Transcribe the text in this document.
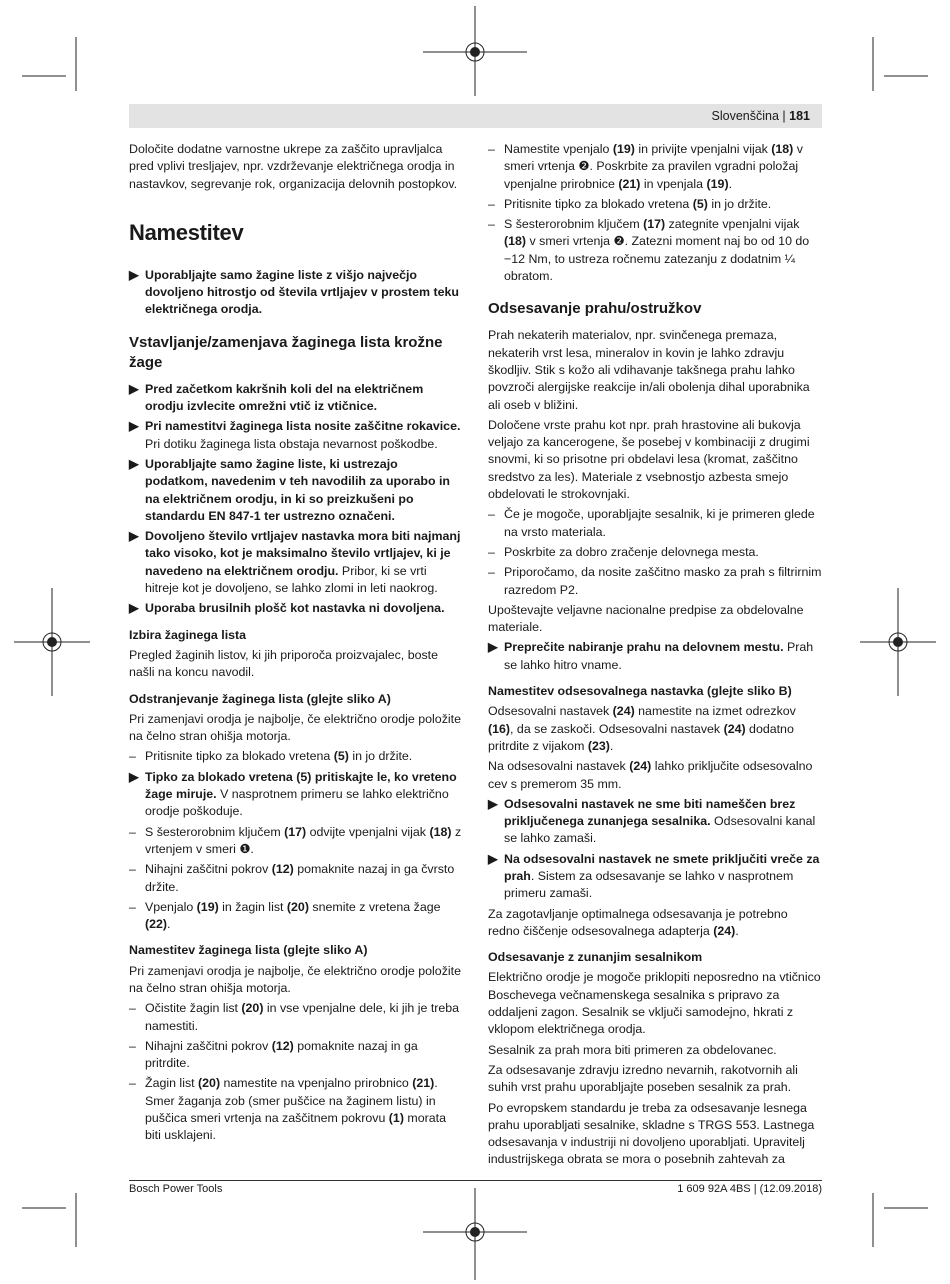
Slovenščina | 181

Določite dodatne varnostne ukrepe za zaščito upravljalca pred vplivi tresljajev, npr. vzdrževanje električnega orodja in nastavkov, segrevanje rok, organizacija delovnih postopkov.

Namestitev
▶ Uporabljajte samo žagine liste z višjo največjo dovoljeno hitrostjo od števila vrtljajev v prostem teku električnega orodja.
Vstavljanje/zamenjava žaginega lista krožne žage
▶ Pred začetkom kakršnih koli del na električnem orodju izvlecite omrežni vtič iz vtičnice.
▶ Pri namestitvi žaginega lista nosite zaščitne rokavice. Pri dotiku žaginega lista obstaja nevarnost poškodbe.
▶ Uporabljajte samo žagine liste, ki ustrezajo podatkom, navedenim v teh navodilih za uporabo in na električnem orodju, in ki so preizkušeni po standardu EN 847-1 ter ustrezno označeni.
▶ Dovoljeno število vrtljajev nastavka mora biti najmanj tako visoko, kot je maksimalno število vrtljajev, ki je navedeno na električnem orodju. Pribor, ki se vrti hitreje kot je dovoljeno, se lahko zlomi in leti naokrog.
▶ Uporaba brusilnih plošč kot nastavka ni dovoljena.
Izbira žaginega lista

Pregled žaginih listov, ki jih priporoča proizvajalec, boste našli na koncu navodil.

Odstranjevanje žaginega lista (glejte sliko A)

Pri zamenjavi orodja je najbolje, če električno orodje položite na čelno stran ohišja motorja.

– Pritisnite tipko za blokado vretena (5) in jo držite.
▶ Tipko za blokado vretena (5) pritiskajte le, ko vreteno žage miruje. V nasprotnem primeru se lahko električno orodje poškoduje.
– S šesterorobnim ključem (17) odvijte vpenjalni vijak (18) z vrtenjem v smeri ❶.
– Nihajni zaščitni pokrov (12) pomaknite nazaj in ga čvrsto držite.
– Vpenjalo (19) in žagin list (20) snemite z vretena žage (22).
Namestitev žaginega lista (glejte sliko A)

Pri zamenjavi orodja je najbolje, če električno orodje položite na čelno stran ohišja motorja.

– Očistite žagin list (20) in vse vpenjalne dele, ki jih je treba namestiti.
– Nihajni zaščitni pokrov (12) pomaknite nazaj in ga pritrdite.
– Žagin list (20) namestite na vpenjalno prirobnico (21). Smer žaganja zob (smer puščice na žaginem listu) in puščica smeri vrtenja na zaščitnem pokrovu (1) morata biti usklajeni.
– Namestite vpenjalo (19) in privijte vpenjalni vijak (18) v smeri vrtenja ❷. Poskrbite za pravilen vgradni položaj vpenjalne prirobnice (21) in vpenjala (19).
– Pritisnite tipko za blokado vretena (5) in jo držite.
– S šesterorobnim ključem (17) zategnite vpenjalni vijak (18) v smeri vrtenja ❷. Zatezni moment naj bo od 10 do −12 Nm, to ustreza ročnemu zatezanju z dodatnim ¼ obratom.
Odsesavanje prahu/ostružkov

Prah nekaterih materialov, npr. svinčenega premaza, nekaterih vrst lesa, mineralov in kovin je lahko zdravju škodljiv. Stik s kožo ali vdihavanje takšnega prahu lahko povzroči alergijske reakcije in/ali obolenja dihal uporabnika ali oseb v bližini.

Določene vrste prahu kot npr. prah hrastovine ali bukovja veljajo za kancerogene, še posebej v kombinaciji z drugimi snovmi, ki so prisotne pri obdelavi lesa (kromat, zaščitno sredstvo za les). Materiale z vsebnostjo azbesta smejo obdelovati le strokovnjaki.

– Če je mogoče, uporabljajte sesalnik, ki je primeren glede na vrsto materiala.
– Poskrbite za dobro zračenje delovnega mesta.
– Priporočamo, da nosite zaščitno masko za prah s filtrirnim razredom P2.

Upoštevajte veljavne nacionalne predpise za obdelovalne materiale.

▶ Preprečite nabiranje prahu na delovnem mestu. Prah se lahko hitro vname.
Namestitev odsesovalnega nastavka (glejte sliko B)

Odsesovalni nastavek (24) namestite na izmet odrezkov (16), da se zaskoči. Odsesovalni nastavek (24) dodatno pritrdite z vijakom (23).

Na odsesovalni nastavek (24) lahko priključite odsesovalno cev s premerom 35 mm.

▶ Odsesovalni nastavek ne sme biti nameščen brez priključenega zunanjega sesalnika. Odsesovalni kanal se lahko zamaši.
▶ Na odsesovalni nastavek ne smete priključiti vreče za prah. Sistem za odsesavanje se lahko v nasprotnem primeru zamaši.

Za zagotavljanje optimalnega odsesavanja je potrebno redno čiščenje odsesovalnega adapterja (24).

Odsesavanje z zunanjim sesalnikom

Električno orodje je mogoče priklopiti neposredno na vtičnico Boschevega večnamenskega sesalnika s pripravo za oddaljeni zagon. Sesalnik se vključi samodejno, hkrati z vklopom električnega orodja.

Sesalnik za prah mora biti primeren za obdelovanec.

Za odsesavanje zdravju izredno nevarnih, rakotvornih ali suhih vrst prahu uporabljajte poseben sesalnik za prah.

Po evropskem standardu je treba za odsesavanje lesnega prahu uporabljati sesalnike, skladne s TRGS 553. Lastnega odsesavanja v industriji ni dovoljeno uporabljati. Upravitelj industrijskega obrata se mora o posebnih zahtevah za

Bosch Power Tools	1 609 92A 4BS | (12.09.2018)
